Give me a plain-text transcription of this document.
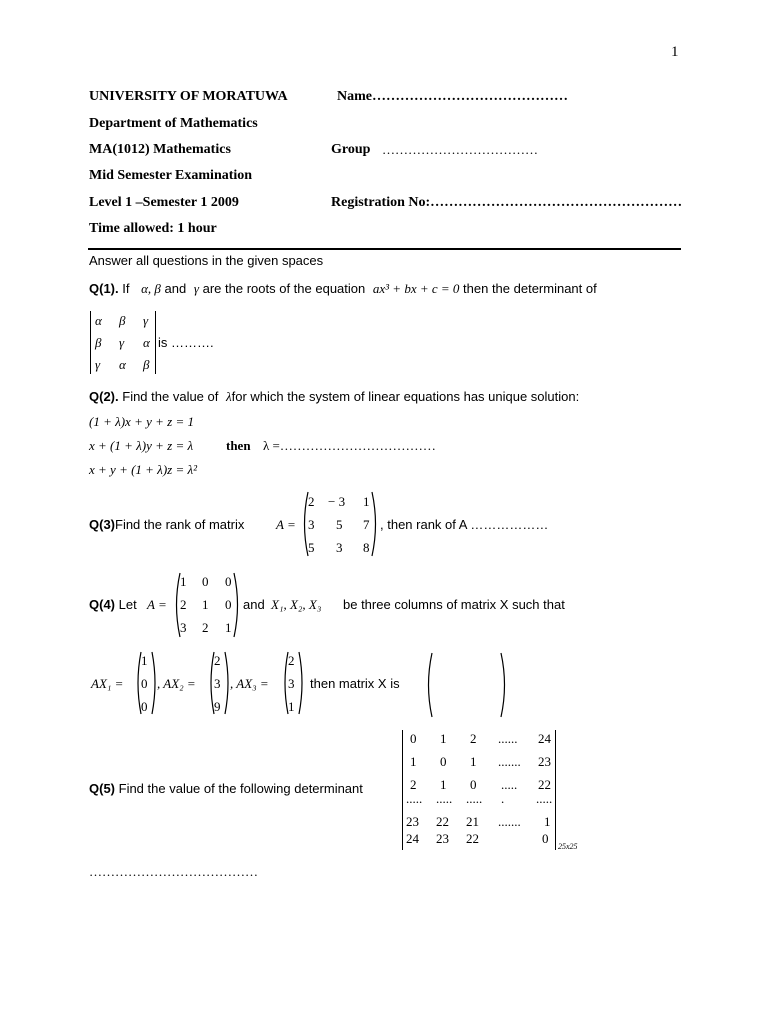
1
UNIVERSITY OF MORATUWA	Name……………………………………
Department of Mathematics
MA(1012) Mathematics	Group ………………………………
Mid Semester Examination
Level 1 –Semester 1 2009	Registration No:………………………………………………
Time allowed: 1 hour
Answer all questions in the given spaces
Q(1). If α, β and γ are the roots of the equation ax³ + bx + c = 0 then the determinant of
α β γ
β γ α
γ α β
is ……….
Q(2). Find the value of λfor which the system of linear equations has unique solution:
(1 + λ)x + y + z = 1
x + (1 + λ)y + z = λ	then λ =………………………………
x + y + (1 + λ)z = λ²
Q(3)Find the rank of matrix A =
2 − 3 1
3 5 7
5 3 8
, then rank of A ………………
Q(4) Let A =
1 0 0
2 1 0
3 2 1
and X₁, X₂, X₃ be three columns of matrix X such that
AX₁ =
1
0
0
, AX₂ =
2
3
9
, AX₃ =
2
3
1
then matrix X is
Q(5) Find the value of the following determinant
0 1 2 ...... 24
1 0 1 ....... 23
2 1 0 ..... 22
..... ..... ..... . .....
23 22 21 ....... 1
24 23 22	0
25x25
…………………………………
